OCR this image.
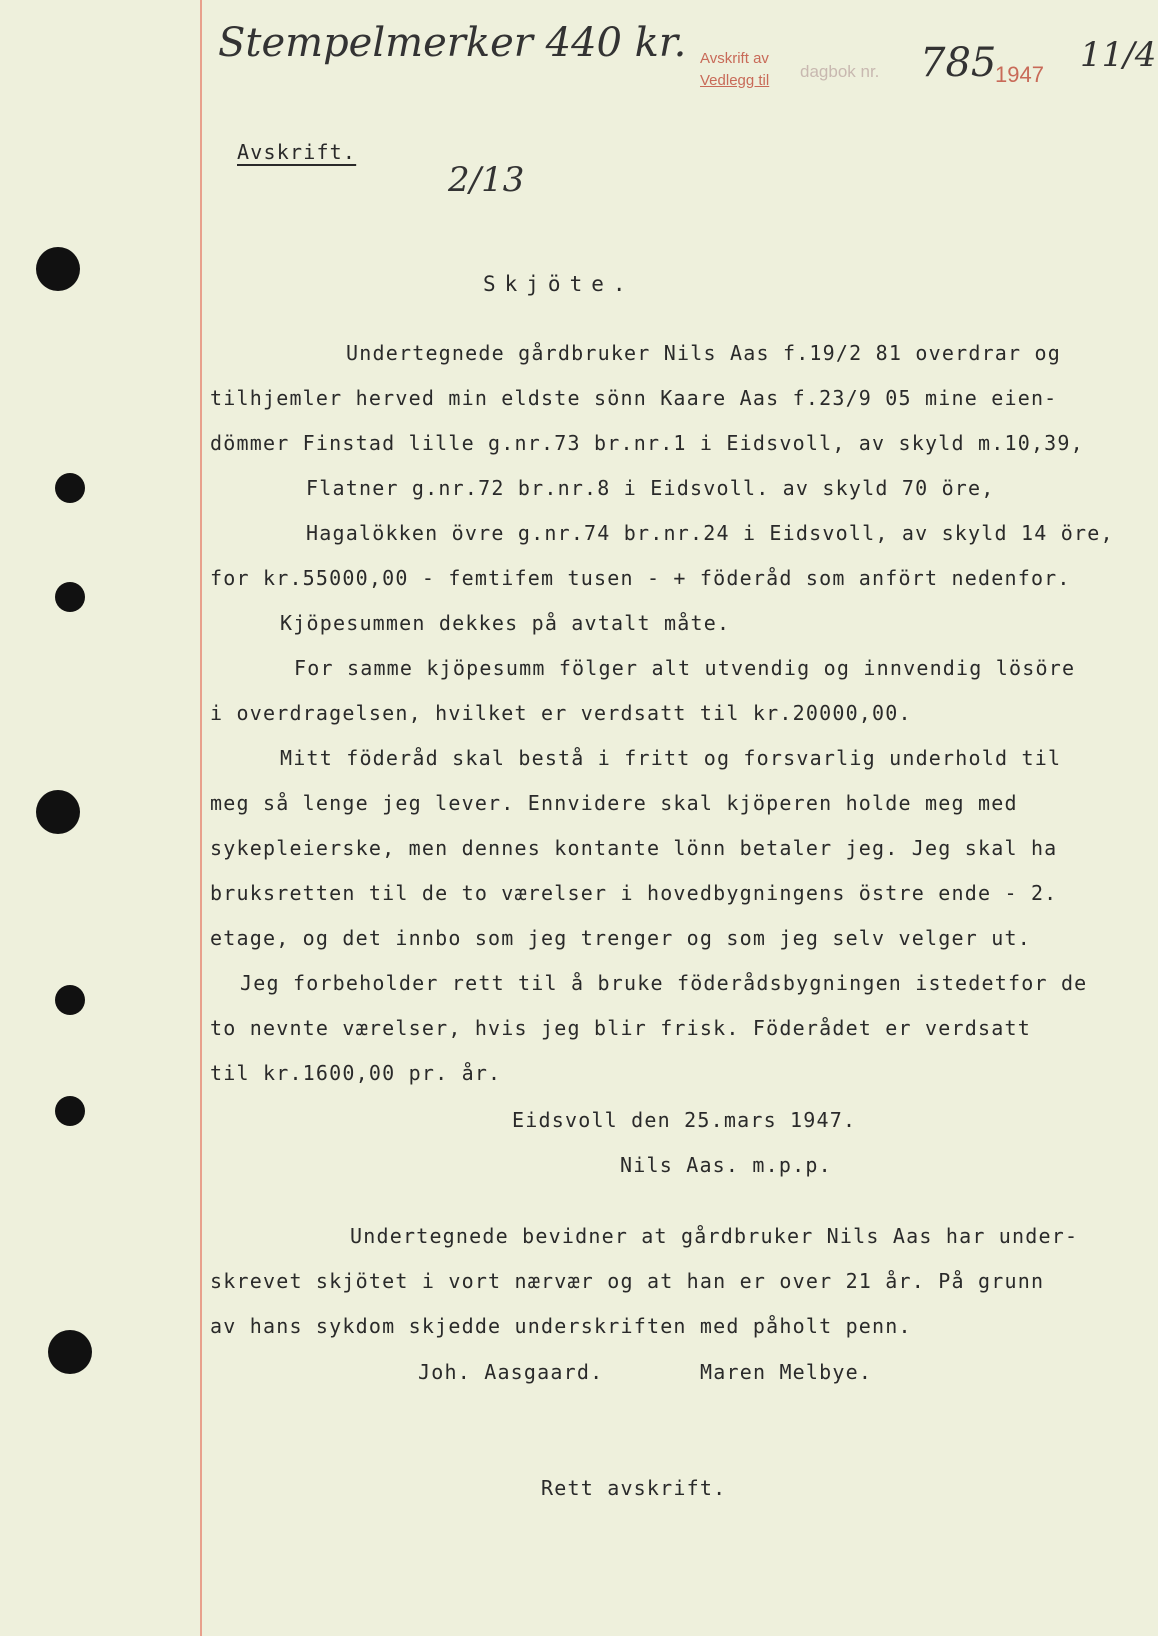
Stempelmerker 440 kr. Avskrift av
Vedlegg til dagbok nr. 785
1947 11/4
2/13
Avskrift.
Skjöte.
Undertegnede gårdbruker Nils Aas f.19/2 81 overdrar og
tilhjemler herved min eldste sönn Kaare Aas f.23/9 05 mine eien-
dömmer Finstad lille g.nr.73 br.nr.1 i Eidsvoll, av skyld m.10,39,
Flatner g.nr.72 br.nr.8 i Eidsvoll. av skyld 70 öre,
Hagalökken övre g.nr.74 br.nr.24 i Eidsvoll, av skyld 14 öre,
for kr.55000,00 - femtifem tusen - + föderåd som anfört nedenfor.
Kjöpesummen dekkes på avtalt måte.
For samme kjöpesumm fölger alt utvendig og innvendig lösöre
i overdragelsen, hvilket er verdsatt til kr.20000,00.
Mitt föderåd skal bestå i fritt og forsvarlig underhold til
meg så lenge jeg lever. Ennvidere skal kjöperen holde meg med
sykepleierske, men dennes kontante lönn betaler jeg. Jeg skal ha
bruksretten til de to værelser i hovedbygningens östre ende - 2.
etage, og det innbo som jeg trenger og som jeg selv velger ut.
Jeg forbeholder rett til å bruke föderådsbygningen istedetfor de
to nevnte værelser, hvis jeg blir frisk. Föderådet er verdsatt
til kr.1600,00 pr. år.
Eidsvoll den 25.mars 1947.
Nils Aas. m.p.p.
Undertegnede bevidner at gårdbruker Nils Aas har under-
skrevet skjötet i vort nærvær og at han er over 21 år. På grunn
av hans sykdom skjedde underskriften med påholt penn.
Joh. Aasgaard.	Maren Melbye.
Rett avskrift.
